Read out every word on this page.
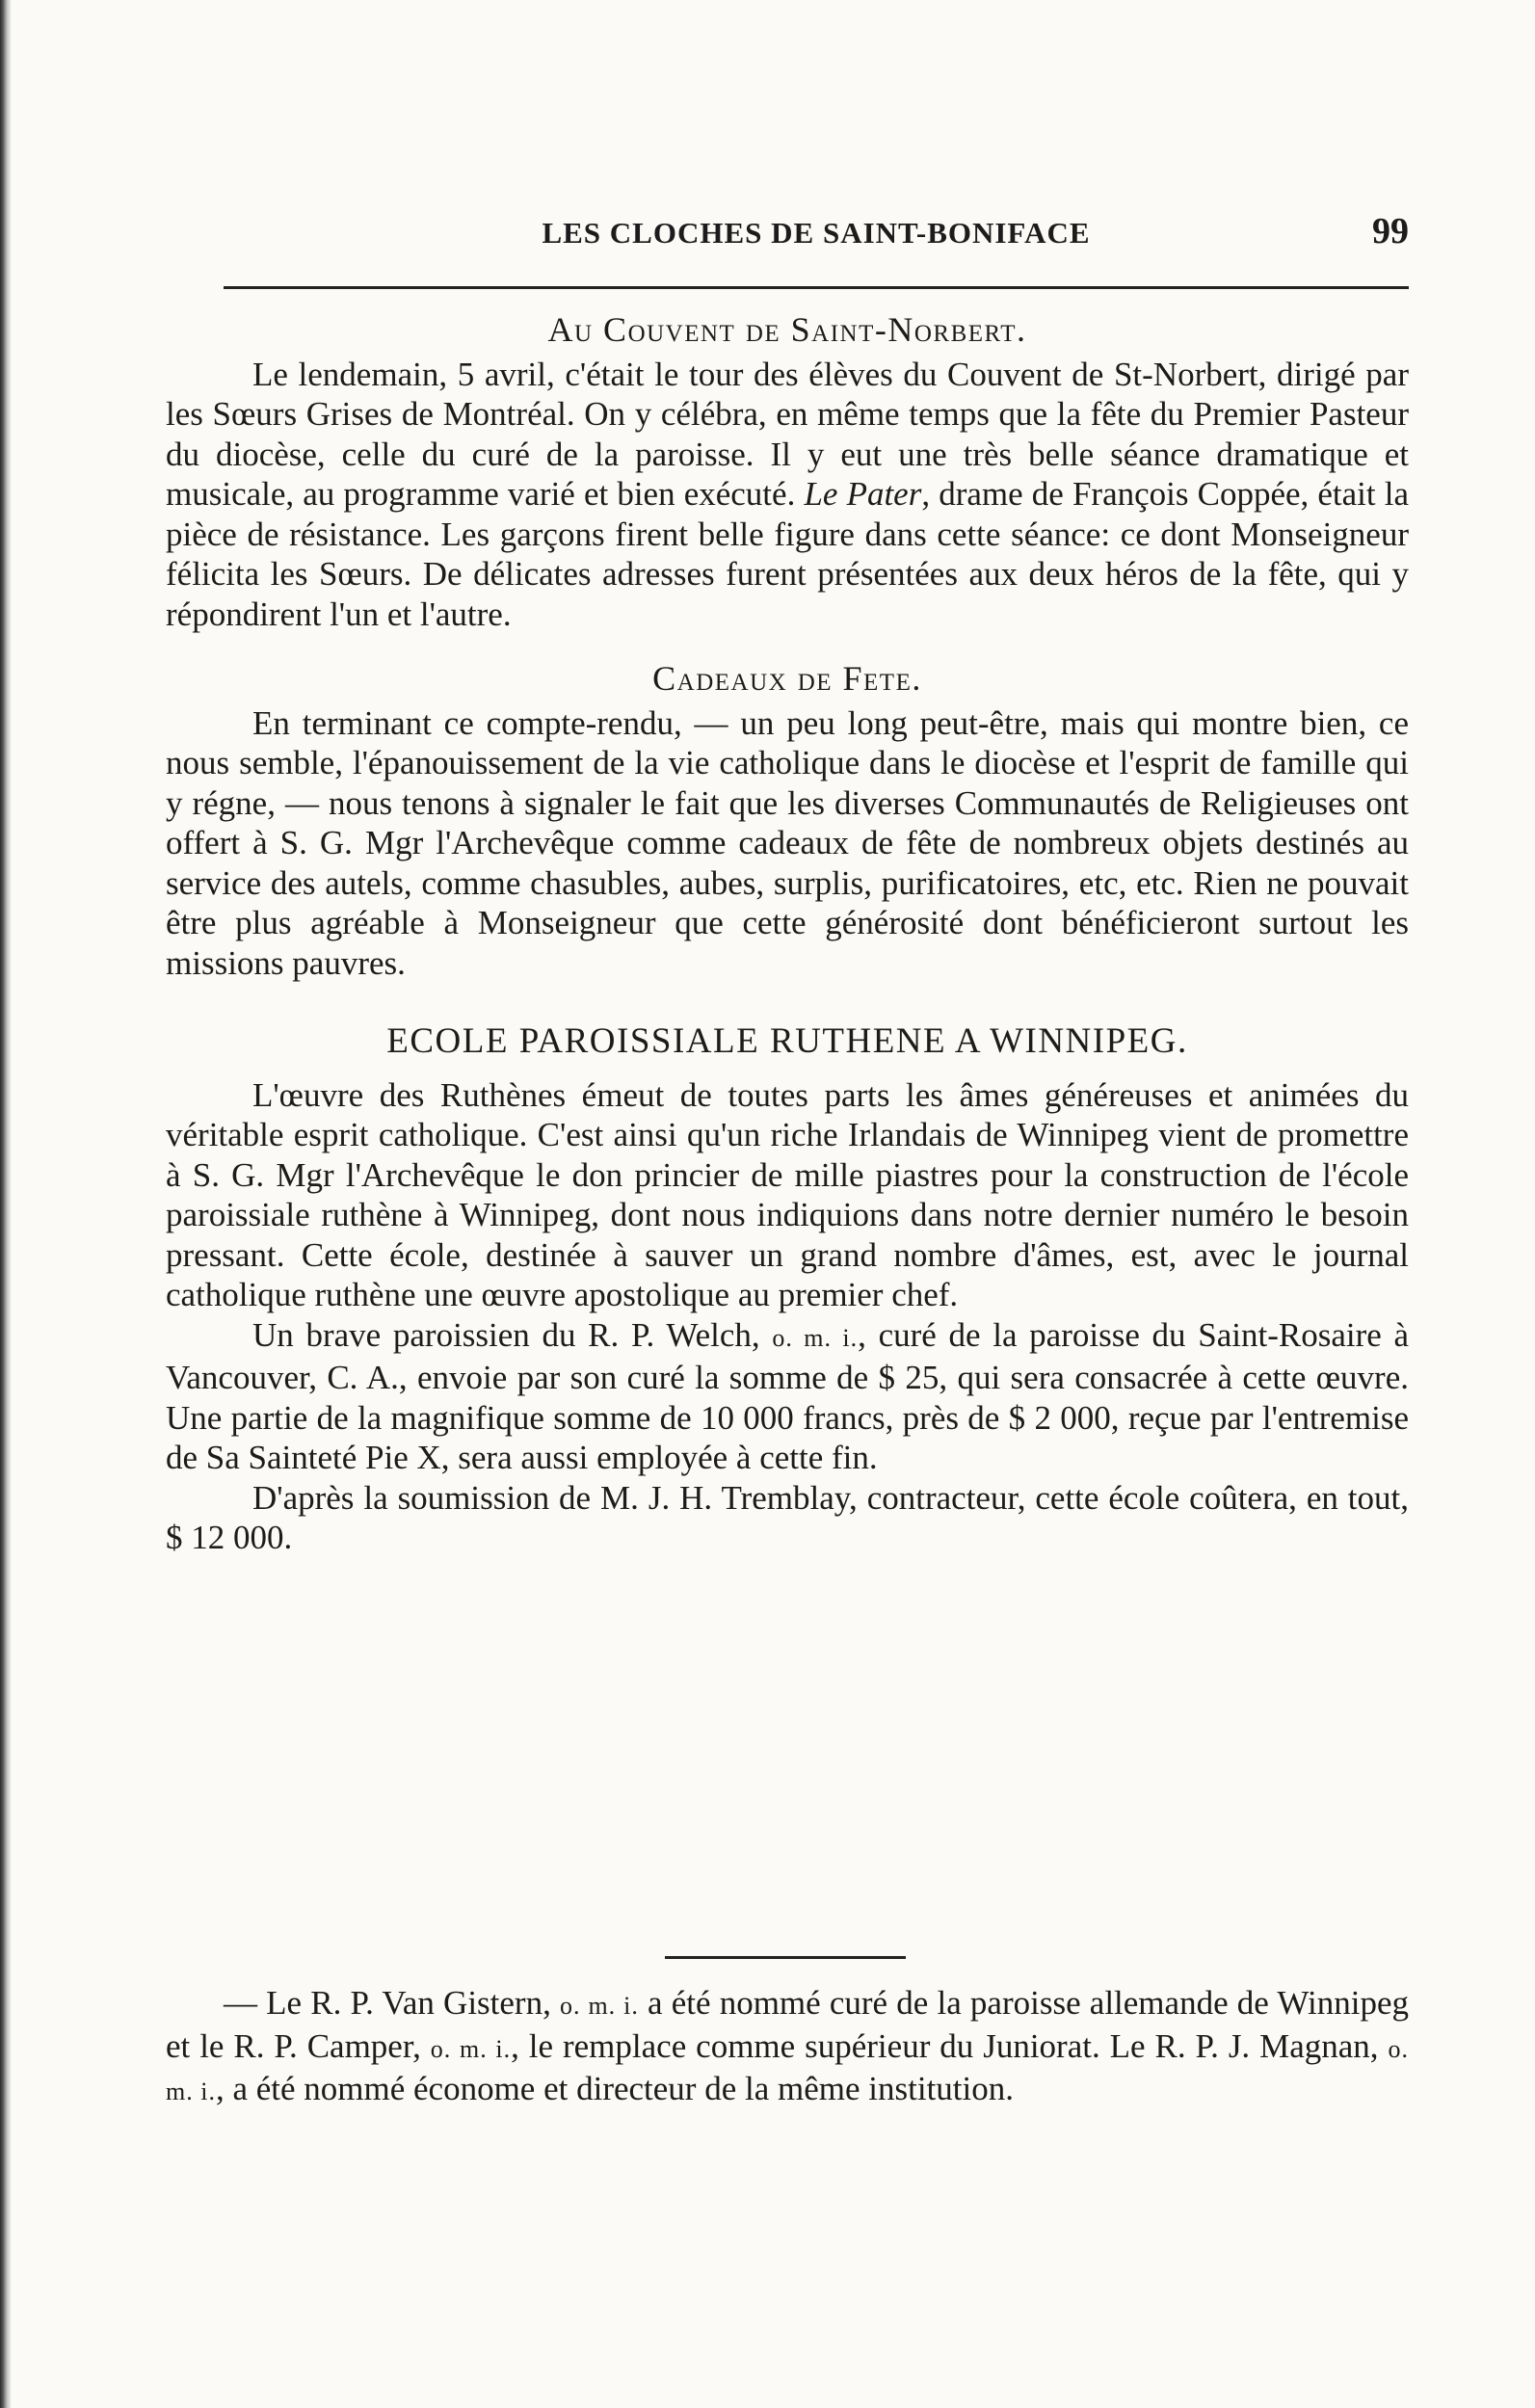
LES CLOCHES DE SAINT-BONIFACE	99
Au Couvent de Saint-Norbert.

Le lendemain, 5 avril, c'était le tour des élèves du Couvent de St-Norbert, dirigé par les Sœurs Grises de Montréal. On y célébra, en même temps que la fête du Premier Pasteur du diocèse, celle du curé de la paroisse. Il y eut une très belle séance dramatique et musicale, au programme varié et bien exécuté. Le Pater, drame de François Coppée, était la pièce de résistance. Les garçons firent belle figure dans cette séance: ce dont Monseigneur félicita les Sœurs. De délicates adresses furent présentées aux deux héros de la fête, qui y répondirent l'un et l'autre.

Cadeaux de Fete.

En terminant ce compte-rendu, — un peu long peut-être, mais qui montre bien, ce nous semble, l'épanouissement de la vie catholique dans le diocèse et l'esprit de famille qui y régne, — nous tenons à signaler le fait que les diverses Communautés de Religieuses ont offert à S. G. Mgr l'Archevêque comme cadeaux de fête de nombreux objets destinés au service des autels, comme chasubles, aubes, surplis, purificatoires, etc, etc. Rien ne pouvait être plus agréable à Monseigneur que cette générosité dont bénéficieront surtout les missions pauvres.

ECOLE PAROISSIALE RUTHENE A WINNIPEG.

L'œuvre des Ruthènes émeut de toutes parts les âmes généreuses et animées du véritable esprit catholique. C'est ainsi qu'un riche Irlandais de Winnipeg vient de promettre à S. G. Mgr l'Archevêque le don princier de mille piastres pour la construction de l'école paroissiale ruthène à Winnipeg, dont nous indiquions dans notre dernier numéro le besoin pressant. Cette école, destinée à sauver un grand nombre d'âmes, est, avec le journal catholique ruthène une œuvre apostolique au premier chef.

Un brave paroissien du R. P. Welch, o. m. i., curé de la paroisse du Saint-Rosaire à Vancouver, C. A., envoie par son curé la somme de $ 25, qui sera consacrée à cette œuvre. Une partie de la magnifique somme de 10 000 francs, près de $ 2 000, reçue par l'entremise de Sa Sainteté Pie X, sera aussi employée à cette fin.

D'après la soumission de M. J. H. Tremblay, contracteur, cette école coûtera, en tout, $ 12 000.

— Le R. P. Van Gistern, o. m. i. a été nommé curé de la paroisse allemande de Winnipeg et le R. P. Camper, o. m. i., le remplace comme supérieur du Juniorat. Le R. P. J. Magnan, o. m. i., a été nommé économe et directeur de la même institution.
